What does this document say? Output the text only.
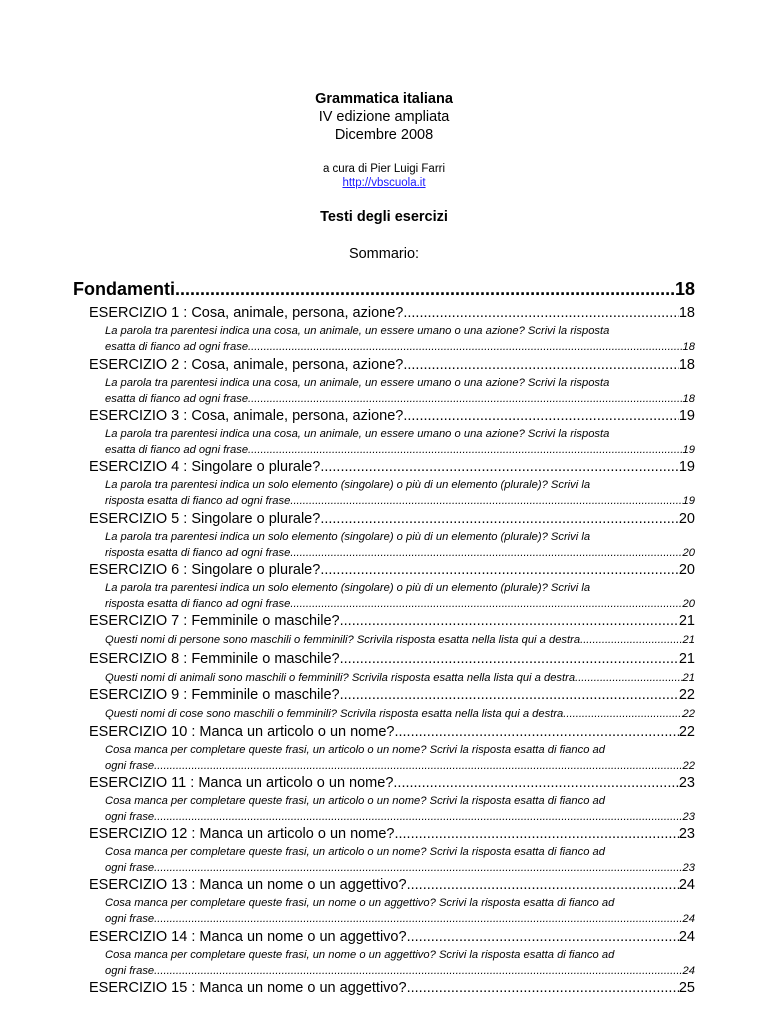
Grammatica italiana
IV edizione ampliata
Dicembre 2008
a cura di Pier Luigi Farri
http://vbscuola.it
Testi degli esercizi
Sommario:
Fondamenti .....	18
ESERCIZIO 1 : Cosa, animale, persona, azione? .....	18
La parola tra parentesi indica una cosa, un animale, un essere umano o una azione? Scrivi la risposta
esatta di fianco ad ogni frase. .....	18
ESERCIZIO 2 : Cosa, animale, persona, azione? .....	18
La parola tra parentesi indica una cosa, un animale, un essere umano o una azione? Scrivi la risposta
esatta di fianco ad ogni frase. .....	18
ESERCIZIO 3 : Cosa, animale, persona, azione? .....	19
La parola tra parentesi indica una cosa, un animale, un essere umano o una azione? Scrivi la risposta
esatta di fianco ad ogni frase. .....	19
ESERCIZIO 4 : Singolare o plurale? .....	19
La parola tra parentesi indica un solo elemento (singolare) o più di un elemento (plurale)? Scrivi la
risposta esatta di fianco ad ogni frase. .....	19
ESERCIZIO 5 : Singolare o plurale? .....	20
La parola tra parentesi indica un solo elemento (singolare) o più di un elemento (plurale)? Scrivi la
risposta esatta di fianco ad ogni frase. .....	20
ESERCIZIO 6 : Singolare o plurale? .....	20
La parola tra parentesi indica un solo elemento (singolare) o più di un elemento (plurale)? Scrivi la
risposta esatta di fianco ad ogni frase. .....	20
ESERCIZIO 7 : Femminile o maschile? .....	21
Questi nomi di persone sono maschili o femminili? Scrivila risposta esatta nella lista qui a destra. .....	21
ESERCIZIO 8 : Femminile o maschile? .....	21
Questi nomi di animali sono maschili o femminili? Scrivila risposta esatta nella lista qui a destra. .....	21
ESERCIZIO 9 : Femminile o maschile? .....	22
Questi nomi di cose sono maschili o femminili? Scrivila risposta esatta nella lista qui a destra. .....	22
ESERCIZIO 10 : Manca un articolo o un nome? .....	22
Cosa manca per completare queste frasi, un articolo o un nome? Scrivi la risposta esatta di fianco ad
ogni frase. .....	22
ESERCIZIO 11 : Manca un articolo o un nome? .....	23
Cosa manca per completare queste frasi, un articolo o un nome? Scrivi la risposta esatta di fianco ad
ogni frase. .....	23
ESERCIZIO 12 : Manca un articolo o un nome? .....	23
Cosa manca per completare queste frasi, un articolo o un nome? Scrivi la risposta esatta di fianco ad
ogni frase. .....	23
ESERCIZIO 13 : Manca un nome o un aggettivo? .....	24
Cosa manca per completare queste frasi, un nome o un aggettivo? Scrivi la risposta esatta di fianco ad
ogni frase. .....	24
ESERCIZIO 14 : Manca un nome o un aggettivo? .....	24
Cosa manca per completare queste frasi, un nome o un aggettivo? Scrivi la risposta esatta di fianco ad
ogni frase. .....	24
ESERCIZIO 15 : Manca un nome o un aggettivo? .....	25
